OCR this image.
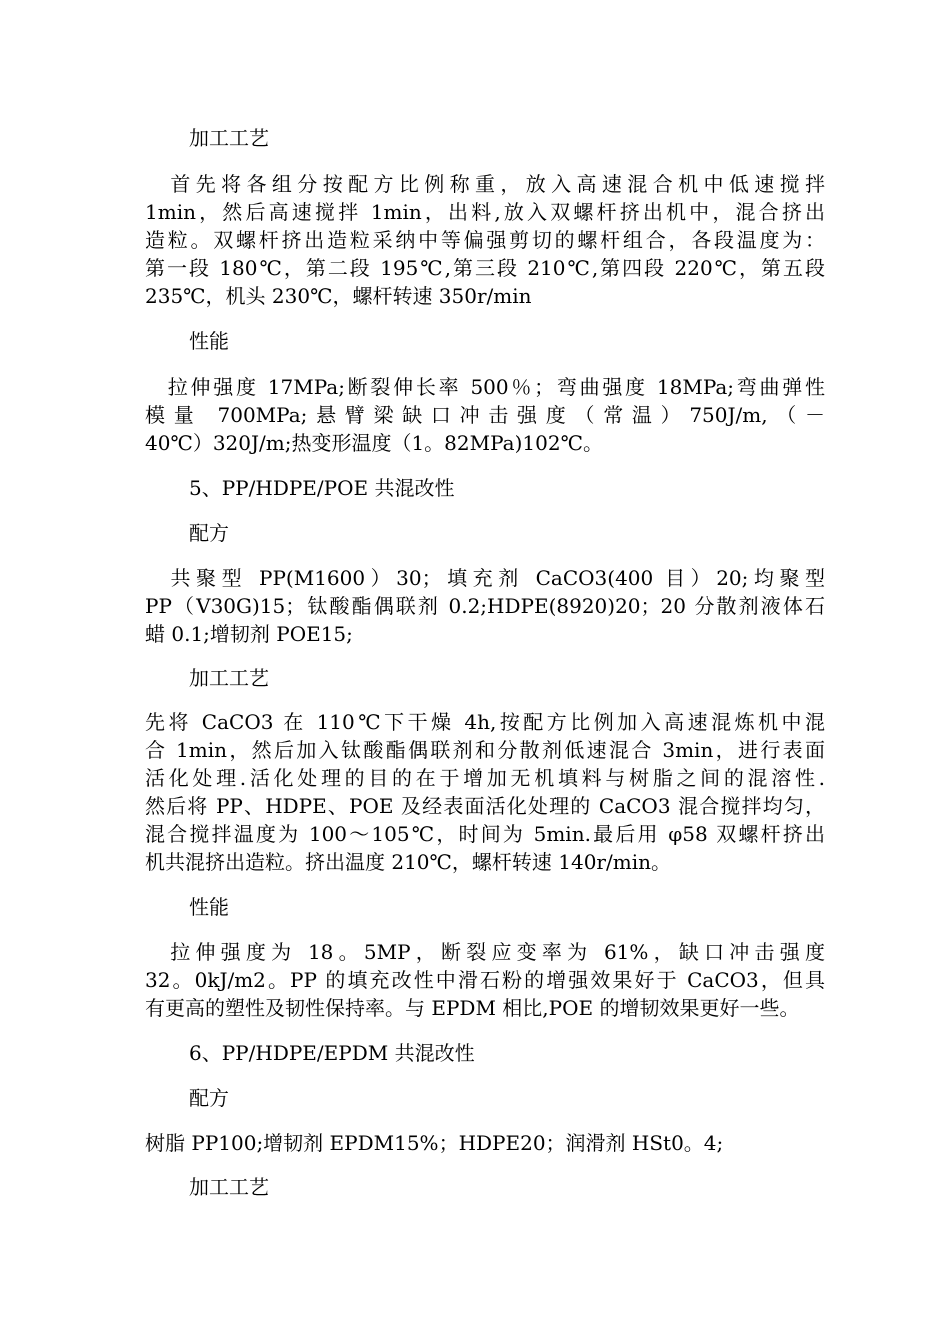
加工工艺
　首先将各组分按配方比例称重，放入高速混合机中低速搅拌
1min，然后高速搅拌 1min，出料,放入双螺杆挤出机中，混合挤出
造粒。双螺杆挤出造粒采纳中等偏强剪切的螺杆组合，各段温度为：
第一段 180℃，第二段 195℃,第三段 210℃,第四段 220℃，第五段
235℃，机头 230℃，螺杆转速 350r/min
性能
　拉伸强度 17MPa;断裂伸长率 500％；弯曲强度 18MPa;弯曲弹性
模量 700MPa;悬臂梁缺口冲击强度（常温）750J/m,（－
40℃）320J/m;热变形温度（1。82MPa)102℃。
5、PP/HDPE/POE 共混改性
配方
　共聚型 PP(M1600）30；填充剂 CaCO3(400 目）20;均聚型
PP（V30G)15；钛酸酯偶联剂 0.2;HDPE(8920)20；20 分散剂液体石
蜡 0.1;增韧剂 POE15;
加工工艺
先将 CaCO3 在 110℃下干燥 4h,按配方比例加入高速混炼机中混
合 1min，然后加入钛酸酯偶联剂和分散剂低速混合 3min，进行表面
活化处理.活化处理的目的在于增加无机填料与树脂之间的混溶性.
然后将 PP、HDPE、POE 及经表面活化处理的 CaCO3 混合搅拌均匀，
混合搅拌温度为 100～105℃，时间为 5min.最后用 φ58 双螺杆挤出
机共混挤出造粒。挤出温度 210℃，螺杆转速 140r/min。
性能
　拉伸强度为 18。5MP，断裂应变率为 61%，缺口冲击强度
32。0kJ/m2。PP 的填充改性中滑石粉的增强效果好于 CaCO3，但具
有更高的塑性及韧性保持率。与 EPDM 相比,POE 的增韧效果更好一些。
6、PP/HDPE/EPDM 共混改性
配方
树脂 PP100;增韧剂 EPDM15%；HDPE20；润滑剂 HSt0。4;
加工工艺
